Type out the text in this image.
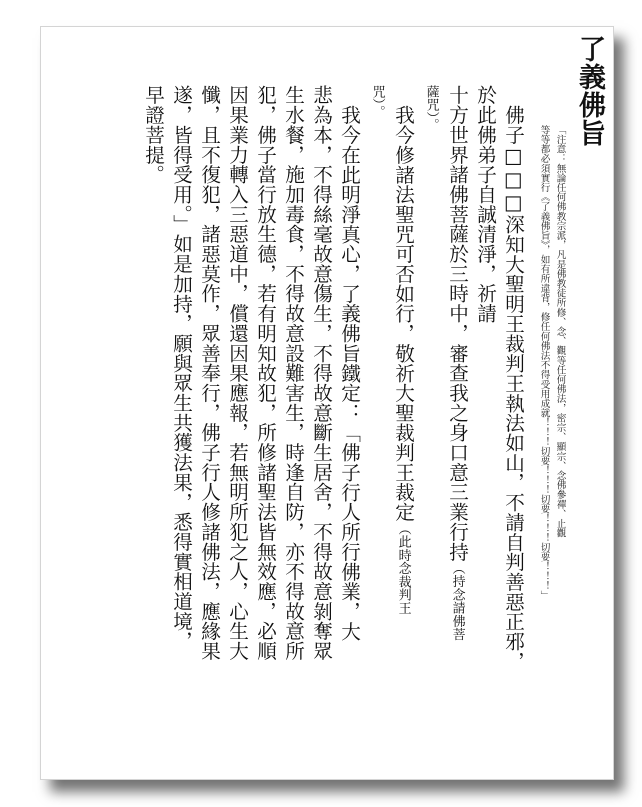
了義佛旨
「注意：無論任何佛教宗派，凡是佛教徒所修、念、觀等任何佛法，密宗、顯宗、念佛參禪、止觀
等等都必須實行《了義佛旨》，如有所違背，修任何佛法不得受用成就！！！切要！！！切要！！！切要！！！」
佛子□□□深知大聖明王裁判王執法如山，不請自判善惡正邪，
於此佛弟子自誠清淨，祈請
十方世界諸佛菩薩於三時中，審查我之身口意三業行持（持念請佛菩
薩咒）。
我今修諸法聖咒可否如行，敬祈大聖裁判王裁定（此時念裁判王
咒）。
我今在此明淨真心，了義佛旨鐵定：「佛子行人所行佛業，大
悲為本，不得絲毫故意傷生，不得故意斷生居舍，不得故意剝奪眾
生水餐，施加毒食，不得故意設難害生，時逢自防，亦不得故意所
犯，佛子當行放生德，若有明知故犯，所修諸聖法皆無效應，必順
因果業力轉入三惡道中，償還因果應報，若無明所犯之人，心生大
懺，且不復犯，諸惡莫作，眾善奉行，佛子行人修諸佛法，應緣果
遂，皆得受用。」如是加持，願與眾生共獲法果，悉得實相道境，
早證菩提。
